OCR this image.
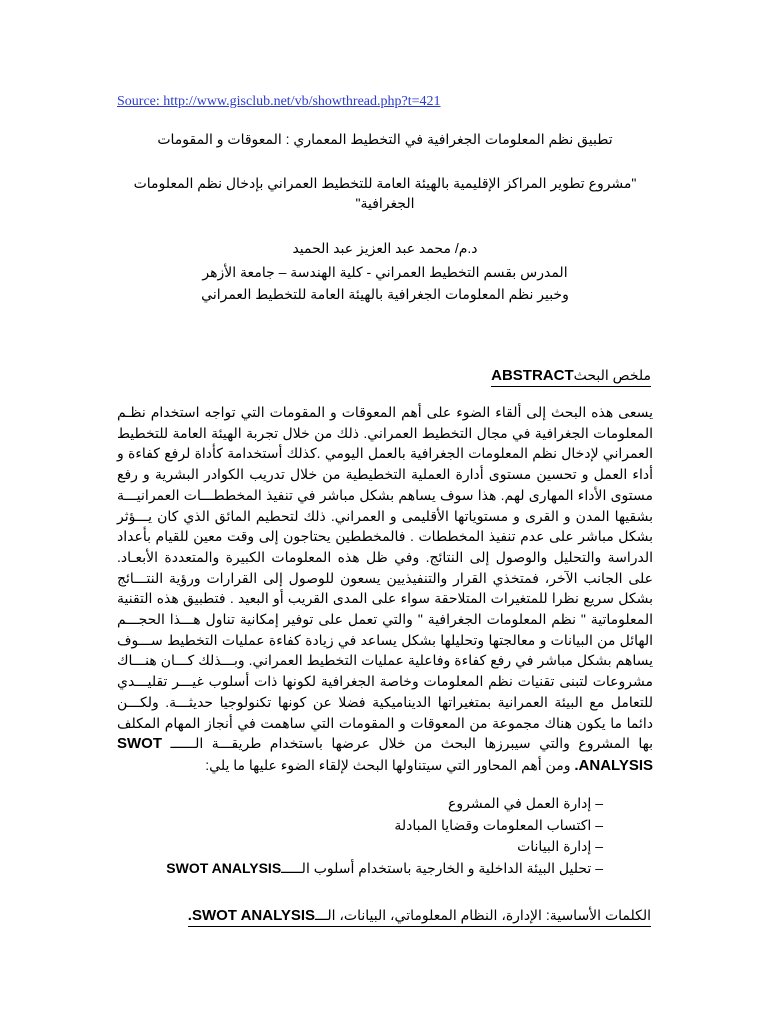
Source: http://www.gisclub.net/vb/showthread.php?t=421
تطبيق نظم المعلومات الجغرافية في التخطيط المعماري : المعوقات و المقومات
"مشروع تطوير المراكز الإقليمية بالهيئة العامة للتخطيط العمراني بإدخال نظم المعلومات الجغرافية"
د.م/ محمد عبد العزيز عبد الحميد
المدرس بقسم التخطيط العمراني - كلية الهندسة – جامعة الأزهر
وخبير نظم المعلومات الجغرافية بالهيئة العامة للتخطيط العمراني
ملخص البحثABSTRACT
يسعى هذه البحث إلى ألقاء الضوء على أهم المعوقات و المقومات التي تواجه استخدام نظـم المعلومات الجغرافية في مجال التخطيط العمراني. ذلك من خلال تجربة الهيئة العامة للتخطيط العمراني لإدخال نظم المعلومات الجغرافية بالعمل اليومي .كذلك أستخدامة كأداة لرفع كفاءة و أداء العمل و تحسين مستوى أدارة العملية التخطيطية من خلال تدريب الكوادر البشرية و رفع مستوى الأداء المهارى لهم. هذا سوف يساهم بشكل مباشر في تنفيذ المخططـــات العمرانيـــة بشقيها المدن و القرى و مستوياتها الأقليمى و العمراني. ذلك لتحطيم المائق الذي كان يـــؤثر بشكل مباشر على عدم تنفيذ المخططات . فالمخططين يحتاجون إلى وقت معين للقيام بأعداد الدراسة والتحليل والوصول إلى النتائج. وفي ظل هذه المعلومات الكبيرة والمتعددة الأبعـاد. على الجانب الآخر، فمتخذي القرار والتنفيذيين يسعون للوصول إلى القرارات ورؤية النتـــائج بشكل سريع نظرا للمتغيرات المتلاحقة سواء على المدى القريب أو البعيد . فتطبيق هذه التقنية المعلوماتية " نظم المعلومات الجغرافية " والتي تعمل على توفير إمكانية تناول هـــذا الحجـــم الهائل من البيانات و معالجتها وتحليلها بشكل يساعد في زيادة كفاءة عمليات التخطيط ســـوف يساهم بشكل مباشر في رفع كفاءة وفاعلية عمليات التخطيط العمراني. وبـــذلك كـــان هنـــاك مشروعات لتبنى تقنيات نظم المعلومات وخاصة الجغرافية لكونها ذات أسلوب غيـــر تقليـــدي للتعامل مع البيئة العمرانية بمتغيراتها الديناميكية فضلا عن كونها تكنولوجيا حديثـــة. ولكـــن دائما ما يكون هناك مجموعة من المعوقات و المقومات التي ساهمت في أنجاز المهام المكلف بها المشروع والتي سيبرزها البحث من خلال عرضها باستخدام طريقـــة الــــــ SWOT ANALYSIS. ومن أهم المحاور التي سيتناولها البحث لإلقاء الضوء عليها ما يلي:
– إدارة العمل في المشروع
– اكتساب المعلومات وقضايا المبادلة
– إدارة البيانات
– تحليل البيئة الداخلية و الخارجية باستخدام أسلوب الـــــSWOT ANALYSIS
الكلمات الأساسية: الإدارة، النظام المعلوماتي، البيانات، الـــSWOT ANALYSIS.
